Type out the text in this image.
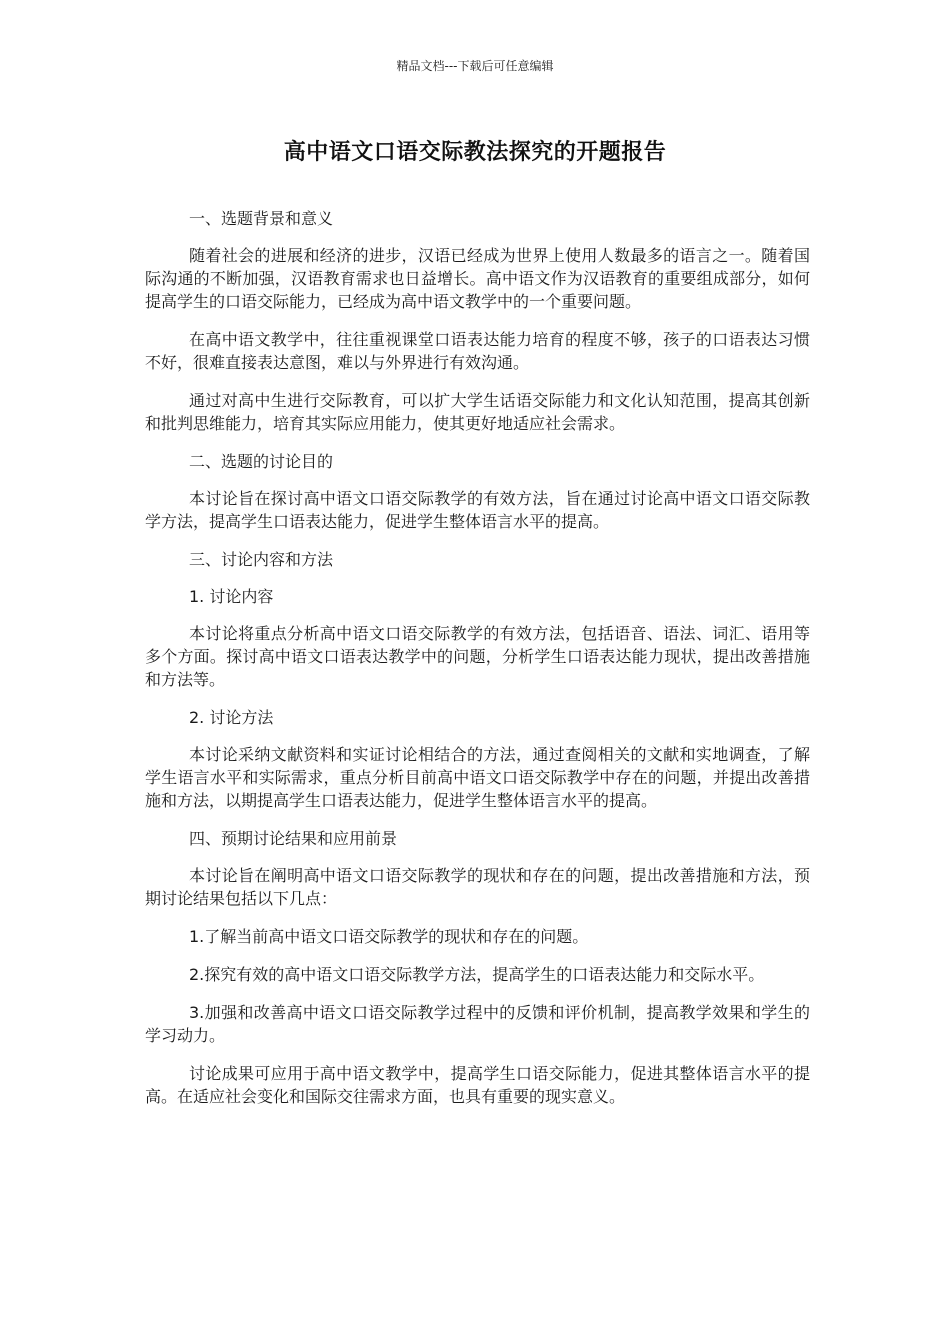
精品文档---下载后可任意编辑
高中语文口语交际教法探究的开题报告

一、选题背景和意义

随着社会的进展和经济的进步，汉语已经成为世界上使用人数最多的语言之一。随着国际沟通的不断加强，汉语教育需求也日益增长。高中语文作为汉语教育的重要组成部分，如何提高学生的口语交际能力，已经成为高中语文教学中的一个重要问题。

在高中语文教学中，往往重视课堂口语表达能力培育的程度不够，孩子的口语表达习惯不好，很难直接表达意图，难以与外界进行有效沟通。

通过对高中生进行交际教育，可以扩大学生话语交际能力和文化认知范围，提高其创新和批判思维能力，培育其实际应用能力，使其更好地适应社会需求。

二、选题的讨论目的

本讨论旨在探讨高中语文口语交际教学的有效方法，旨在通过讨论高中语文口语交际教学方法，提高学生口语表达能力，促进学生整体语言水平的提高。

三、讨论内容和方法

1. 讨论内容

本讨论将重点分析高中语文口语交际教学的有效方法，包括语音、语法、词汇、语用等多个方面。探讨高中语文口语表达教学中的问题，分析学生口语表达能力现状，提出改善措施和方法等。

2. 讨论方法

本讨论采纳文献资料和实证讨论相结合的方法，通过查阅相关的文献和实地调查，了解学生语言水平和实际需求，重点分析目前高中语文口语交际教学中存在的问题，并提出改善措施和方法，以期提高学生口语表达能力，促进学生整体语言水平的提高。

四、预期讨论结果和应用前景

本讨论旨在阐明高中语文口语交际教学的现状和存在的问题，提出改善措施和方法，预期讨论结果包括以下几点：

1.了解当前高中语文口语交际教学的现状和存在的问题。

2.探究有效的高中语文口语交际教学方法，提高学生的口语表达能力和交际水平。

3.加强和改善高中语文口语交际教学过程中的反馈和评价机制，提高教学效果和学生的学习动力。

讨论成果可应用于高中语文教学中，提高学生口语交际能力，促进其整体语言水平的提高。在适应社会变化和国际交往需求方面，也具有重要的现实意义。
